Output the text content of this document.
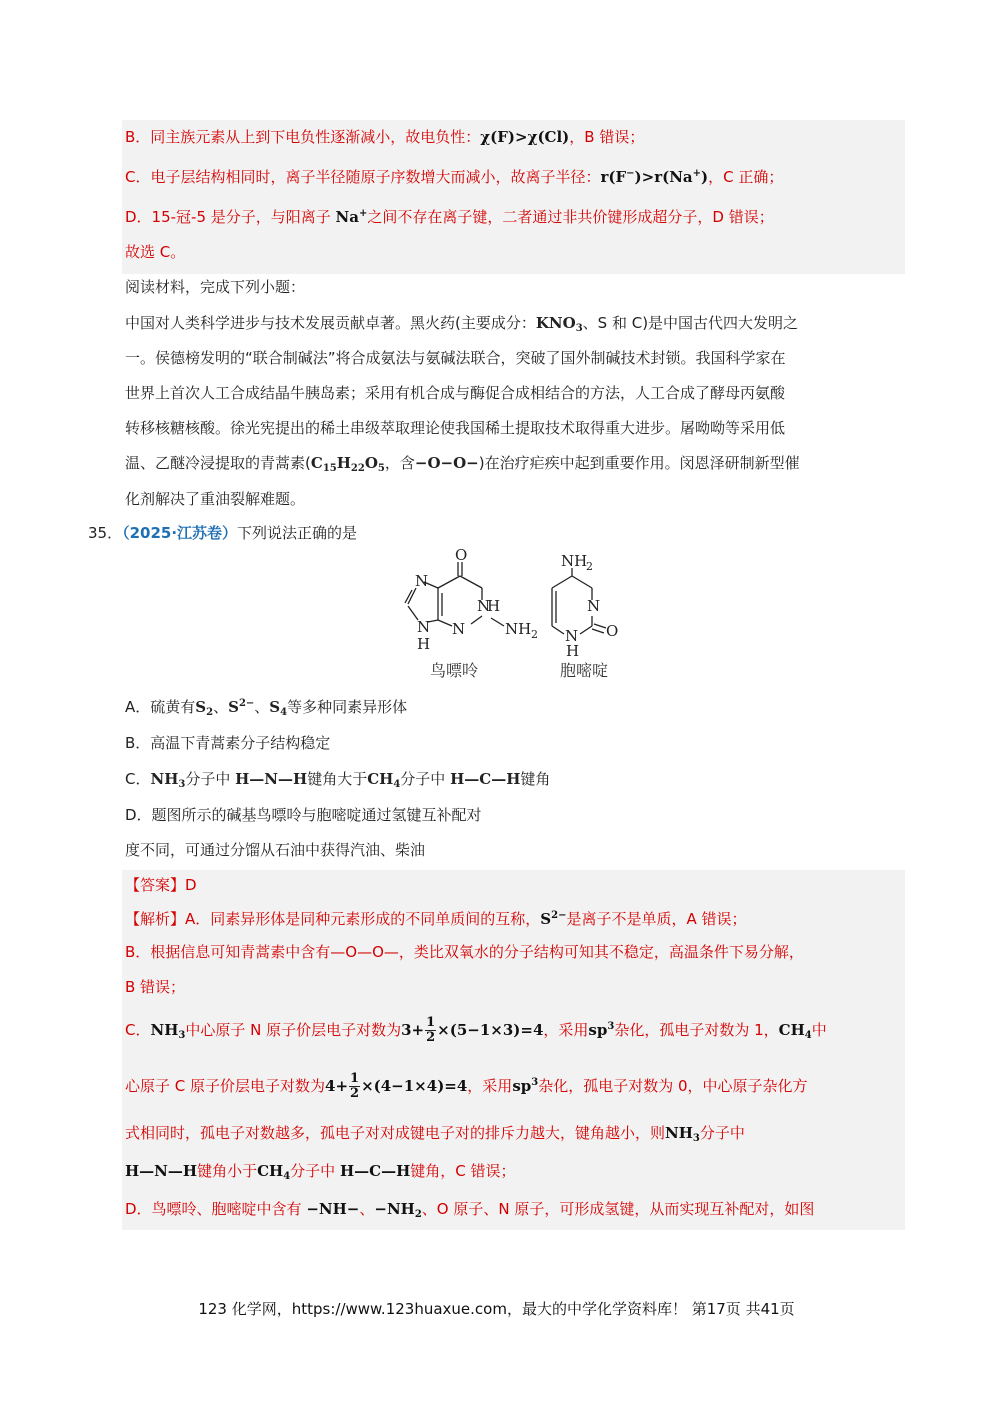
B．同主族元素从上到下电负性逐渐减小，故电负性：χ(F)>χ(Cl)，B 错误；
C．电子层结构相同时，离子半径随原子序数增大而减小，故离子半径：r(F−)>r(Na+)，C 正确；
D．15-冠-5 是分子，与阳离子 Na+之间不存在离子键，二者通过非共价键形成超分子，D 错误；
故选 C。
阅读材料，完成下列小题：
中国对人类科学进步与技术发展贡献卓著。黑火药(主要成分：$KNO_3$、S 和 C)是中国古代四大发明之
一。侯德榜发明的“联合制碱法”将合成氨法与氨碱法联合，突破了国外制碱技术封锁。我国科学家在
世界上首次人工合成结晶牛胰岛素；采用有机合成与酶促合成相结合的方法，人工合成了酵母丙氨酸
转移核糖核酸。徐光宪提出的稀土串级萃取理论使我国稀土提取技术取得重大进步。屠呦呦等采用低
温、乙醚冷浸提取的青蒿素($C_{15}H_{22}O_5$，含−O−O−)在治疗疟疾中起到重要作用。闵恩泽研制新型催
化剂解决了重油裂解难题。
35．（2025·江苏卷）下列说法正确的是
O
N
H
N	NH 2
N
N
H
NH
2
N
O
N
H
鸟嘌呤	胞嘧啶
A．硫黄有$S_2$、$S^{2-}$、$S_4$等多种同素异形体
B．高温下青蒿素分子结构稳定
C．$NH_3$分子中 H—N—H键角大于$CH_4$分子中 H—C—H键角
D．题图所示的碱基鸟嘌呤与胞嘧啶通过氢键互补配对
度不同，可通过分馏从石油中获得汽油、柴油
【答案】D
【解析】A．同素异形体是同种元素形成的不同单质间的互称，$S^{2-}$是离子不是单质，A 错误；
B．根据信息可知青蒿素中含有—O—O—，类比双氧水的分子结构可知其不稳定，高温条件下易分解，
B 错误；
C．$NH_3$中心原子 N 原子价层电子对数为$3+ \frac{1}{2} \times(5-1\times 3)=4$，采用$sp^3$杂化，孤电子对数为 1，$CH_4$中
心原子 C 原子价层电子对数为$4+ \frac{1}{2} \times(4-1\times 4)=4$，采用$sp^3$杂化，孤电子对数为 0，中心原子杂化方
式相同时，孤电子对数越多，孤电子对对成键电子对的排斥力越大，键角越小，则$NH_3$分子中
H—N—H键角小于$CH_4$分子中 H—C—H键角，C 错误；
D．鸟嘌呤、胞嘧啶中含有 −NH−、$-NH_2$、O 原子、N 原子，可形成氢键，从而实现互补配对，如图
123 化学网，https://www.123huaxue.com，最大的中学化学资料库！ 第17页 共41页
